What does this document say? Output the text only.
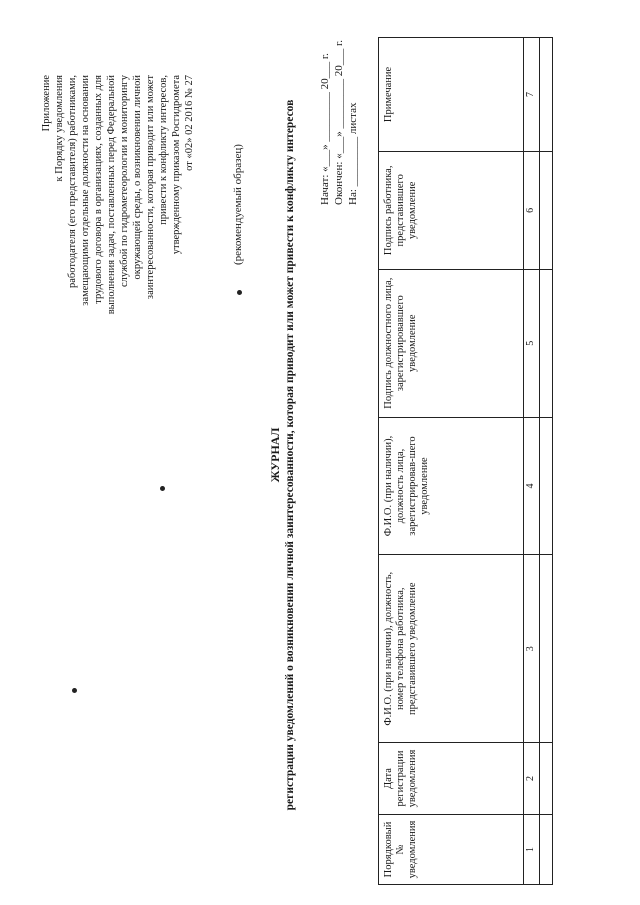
Приложение к Порядку уведомления работодателя (его представителя) работниками, замещающими отдельные должности на основании трудового договора в организациях, созданных для выполнения задач, поставленных перед Федеральной службой по гидрометеорологии и мониторингу окружающей среды, о возникновении личной заинтересованности, которая приводит или может привести к конфликту интересов, утвержденному приказом Росгидромета от «02» 02 2016 № 27
(рекомендуемый образец)
ЖУРНАЛ регистрации уведомлений о возникновении личной заинтересованности, которая приводит или может привести к конфликту интересов Начат: «___» _________ 20___ г. Окончен: «___» _________ 20___ г. На: _________ листах
Порядковый № уведомления	Дата регистрации уведомления	Ф.И.О. (при наличии), должность, номер телефона работника, представившего уведомление	Ф.И.О. (при наличии), должность лица, зарегистрировав-шего уведомление	Подпись должностного лица, зарегистрировавшего уведомление	Подпись работника, представившего уведомление	Примечание
1	2	3	4	5	6	7
